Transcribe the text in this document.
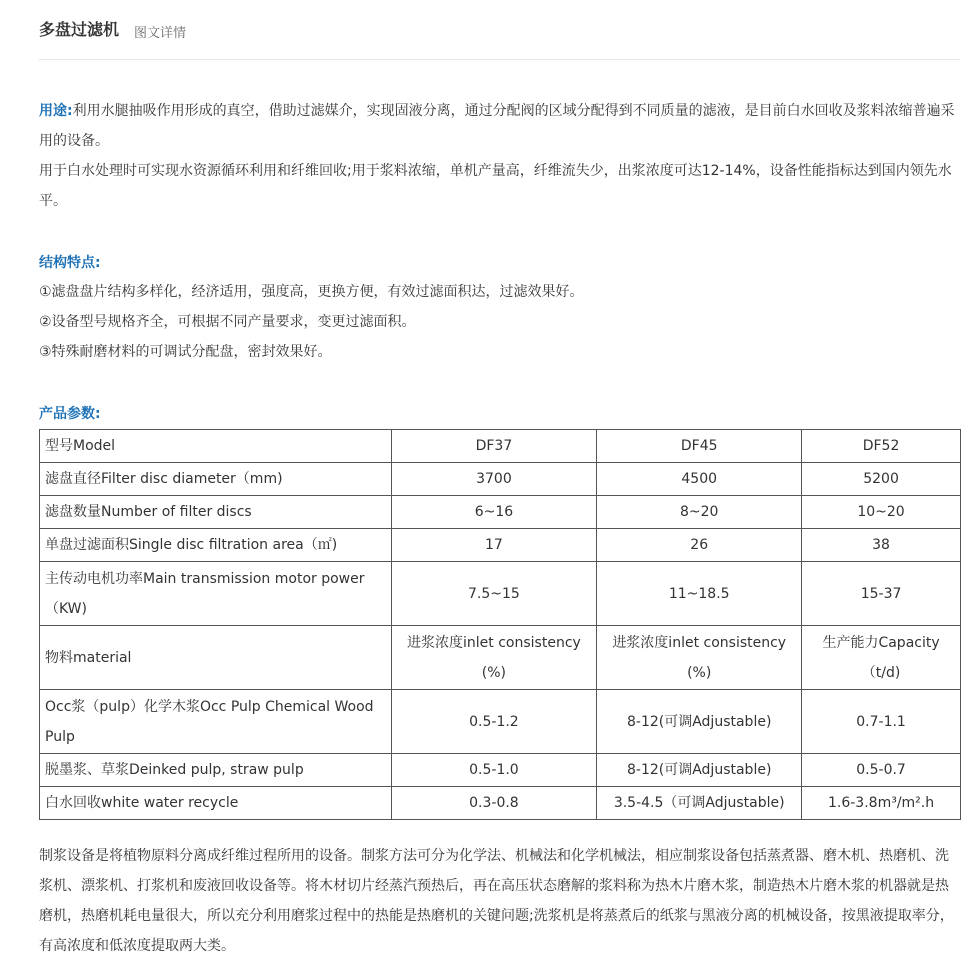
多盘过滤机 图文详情
用途:利用水腿抽吸作用形成的真空，借助过滤媒介，实现固液分离，通过分配阀的区域分配得到不同质量的滤液，是目前白水回收及浆料浓缩普遍采用的设备。
用于白水处理时可实现水资源循环利用和纤维回收;用于浆料浓缩，单机产量高，纤维流失少，出浆浓度可达12-14%，设备性能指标达到国内领先水平。
结构特点:
①滤盘盘片结构多样化，经济适用，强度高，更换方便，有效过滤面积达，过滤效果好。
②设备型号规格齐全，可根据不同产量要求，变更过滤面积。
③特殊耐磨材料的可调试分配盘，密封效果好。
产品参数:
型号Model	DF37	DF45	DF52
滤盘直径Filter disc diameter（mm)	3700	4500	5200
滤盘数量Number of filter discs	6~16	8~20	10~20
单盘过滤面积Single disc filtration area（㎡)	17	26	38
主传动电机功率Main transmission motor power（KW)	7.5~15	11~18.5	15-37
物料material	进浆浓度inlet consistency (%)	进浆浓度inlet consistency (%)	生产能力Capacity（t/d)
Occ浆（pulp）化学木浆Occ Pulp Chemical Wood Pulp	0.5-1.2	8-12(可调Adjustable)	0.7-1.1
脱墨浆、草浆Deinked pulp, straw pulp	0.5-1.0	8-12(可调Adjustable)	0.5-0.7
白水回收white water recycle	0.3-0.8	3.5-4.5（可调Adjustable)	1.6-3.8m³/m².h
制浆设备是将植物原料分离成纤维过程所用的设备。制浆方法可分为化学法、机械法和化学机械法，相应制浆设备包括蒸煮器、磨木机、热磨机、洗浆机、漂浆机、打浆机和废液回收设备等。将木材切片经蒸汽预热后，再在高压状态磨解的浆料称为热木片磨木浆，制造热木片磨木浆的机器就是热磨机，热磨机耗电量很大，所以充分利用磨浆过程中的热能是热磨机的关键问题;洗浆机是将蒸煮后的纸浆与黑液分离的机械设备，按黑液提取率分，有高浓度和低浓度提取两大类。
